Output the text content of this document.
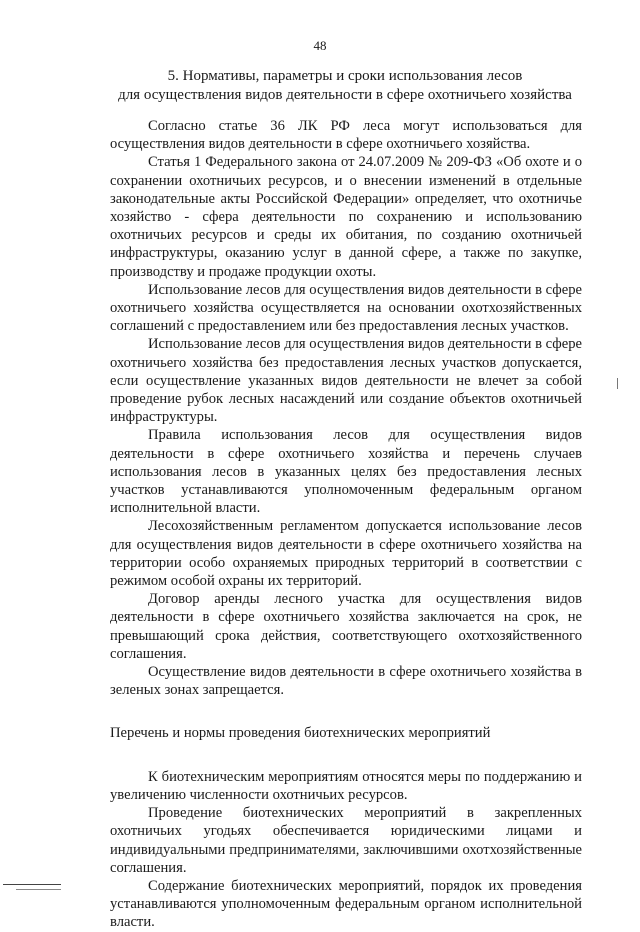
48
5. Нормативы, параметры и сроки использования лесов
для осуществления видов деятельности в сфере охотничьего хозяйства

Согласно статье 36 ЛК РФ леса могут использоваться для осуществления видов деятельности в сфере охотничьего хозяйства.

Статья 1 Федерального закона от 24.07.2009 № 209-ФЗ «Об охоте и о сохранении охотничьих ресурсов, и о внесении изменений в отдельные законодательные акты Российской Федерации» определяет, что охотничье хозяйство - сфера деятельности по сохранению и использованию охотничьих ресурсов и среды их обитания, по созданию охотничьей инфраструктуры, оказанию услуг в данной сфере, а также по закупке, производству и продаже продукции охоты.

Использование лесов для осуществления видов деятельности в сфере охотничьего хозяйства осуществляется на основании охотхозяйственных соглашений с предоставлением или без предоставления лесных участков.

Использование лесов для осуществления видов деятельности в сфере охотничьего хозяйства без предоставления лесных участков допускается, если осуществление указанных видов деятельности не влечет за собой проведение рубок лесных насаждений или создание объектов охотничьей инфраструктуры.

Правила использования лесов для осуществления видов деятельности в сфере охотничьего хозяйства и перечень случаев использования лесов в указанных целях без предоставления лесных участков устанавливаются уполномоченным федеральным органом исполнительной власти.

Лесохозяйственным регламентом допускается использование лесов для осуществления видов деятельности в сфере охотничьего хозяйства на территории особо охраняемых природных территорий в соответствии с режимом особой охраны их территорий.

Договор аренды лесного участка для осуществления видов деятельности в сфере охотничьего хозяйства заключается на срок, не превышающий срока действия, соответствующего охотхозяйственного соглашения.

Осуществление видов деятельности в сфере охотничьего хозяйства в зеленых зонах запрещается.

Перечень и нормы проведения биотехнических мероприятий

К биотехническим мероприятиям относятся меры по поддержанию и увеличению численности охотничьих ресурсов.

Проведение биотехнических мероприятий в закрепленных охотничьих угодьях обеспечивается юридическими лицами и индивидуальными предпринимателями, заключившими охотхозяйственные соглашения.

Содержание биотехнических мероприятий, порядок их проведения устанавливаются уполномоченным федеральным органом исполнительной власти.
